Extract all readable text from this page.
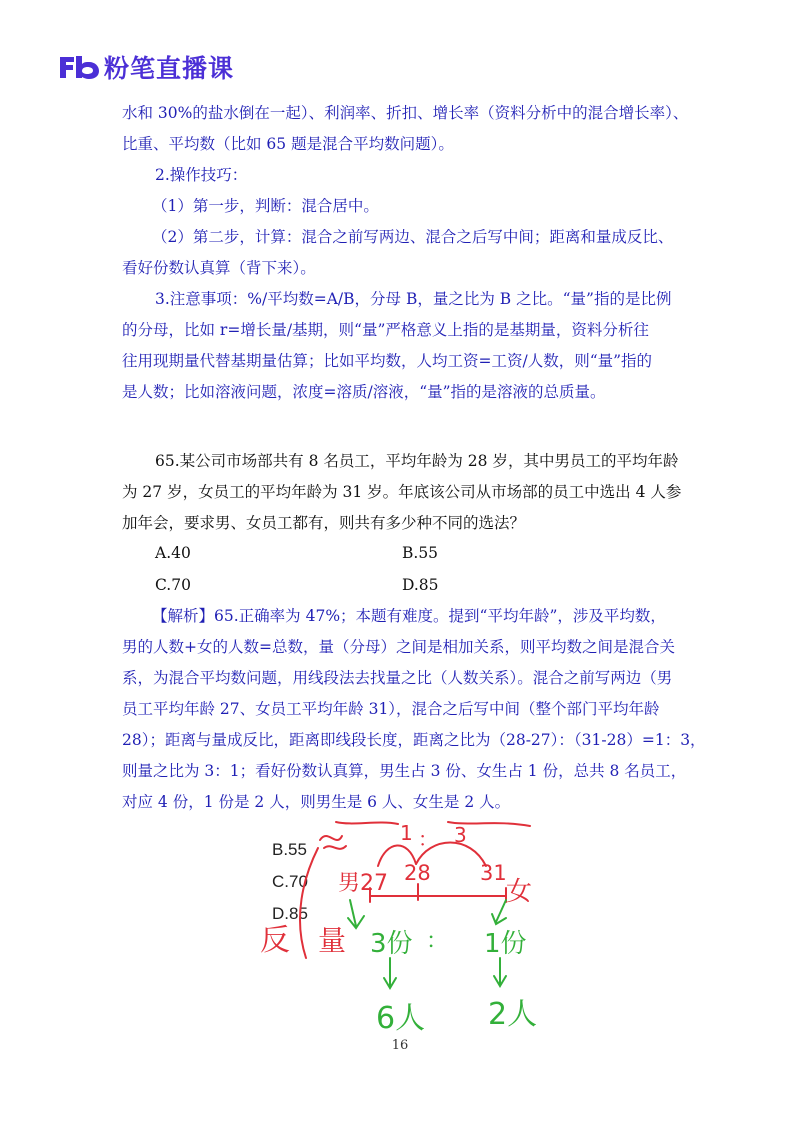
粉笔直播课
水和 30%的盐水倒在一起）、利润率、折扣、增长率（资料分析中的混合增长率）、
比重、平均数（比如 65 题是混合平均数问题）。
2.操作技巧：
（1）第一步，判断：混合居中。
（2）第二步，计算：混合之前写两边、混合之后写中间；距离和量成反比、
看好份数认真算（背下来）。
3.注意事项：%/平均数=A/B，分母 B，量之比为 B 之比。“量”指的是比例
的分母，比如 r=增长量/基期，则“量”严格意义上指的是基期量，资料分析往
往用现期量代替基期量估算；比如平均数，人均工资=工资/人数，则“量”指的
是人数；比如溶液问题，浓度=溶质/溶液，“量”指的是溶液的总质量。
65.某公司市场部共有 8 名员工，平均年龄为 28 岁，其中男员工的平均年龄
为 27 岁，女员工的平均年龄为 31 岁。年底该公司从市场部的员工中选出 4 人参
加年会，要求男、女员工都有，则共有多少种不同的选法？
A.40	B.55
C.70	D.85
【解析】65.正确率为 47%；本题有难度。提到“平均年龄”，涉及平均数，
男的人数+女的人数=总数，量（分母）之间是相加关系，则平均数之间是混合关
系，为混合平均数问题，用线段法去找量之比（人数关系）。混合之前写两边（男
员工平均年龄 27、女员工平均年龄 31），混合之后写中间（整个部门平均年龄
28）；距离与量成反比，距离即线段长度，距离之比为（28-27）：（31-28）=1：3，
则量之比为 3：1；看好份数认真算，男生占 3 份、女生占 1 份，总共 8 名员工，
对应 4 份，1 份是 2 人，则男生是 6 人、女生是 2 人。
B.55
C.70
D.85
1 ： 3
男27 28 31
女
反 量 3份 ： 1份
6人 2人
16
